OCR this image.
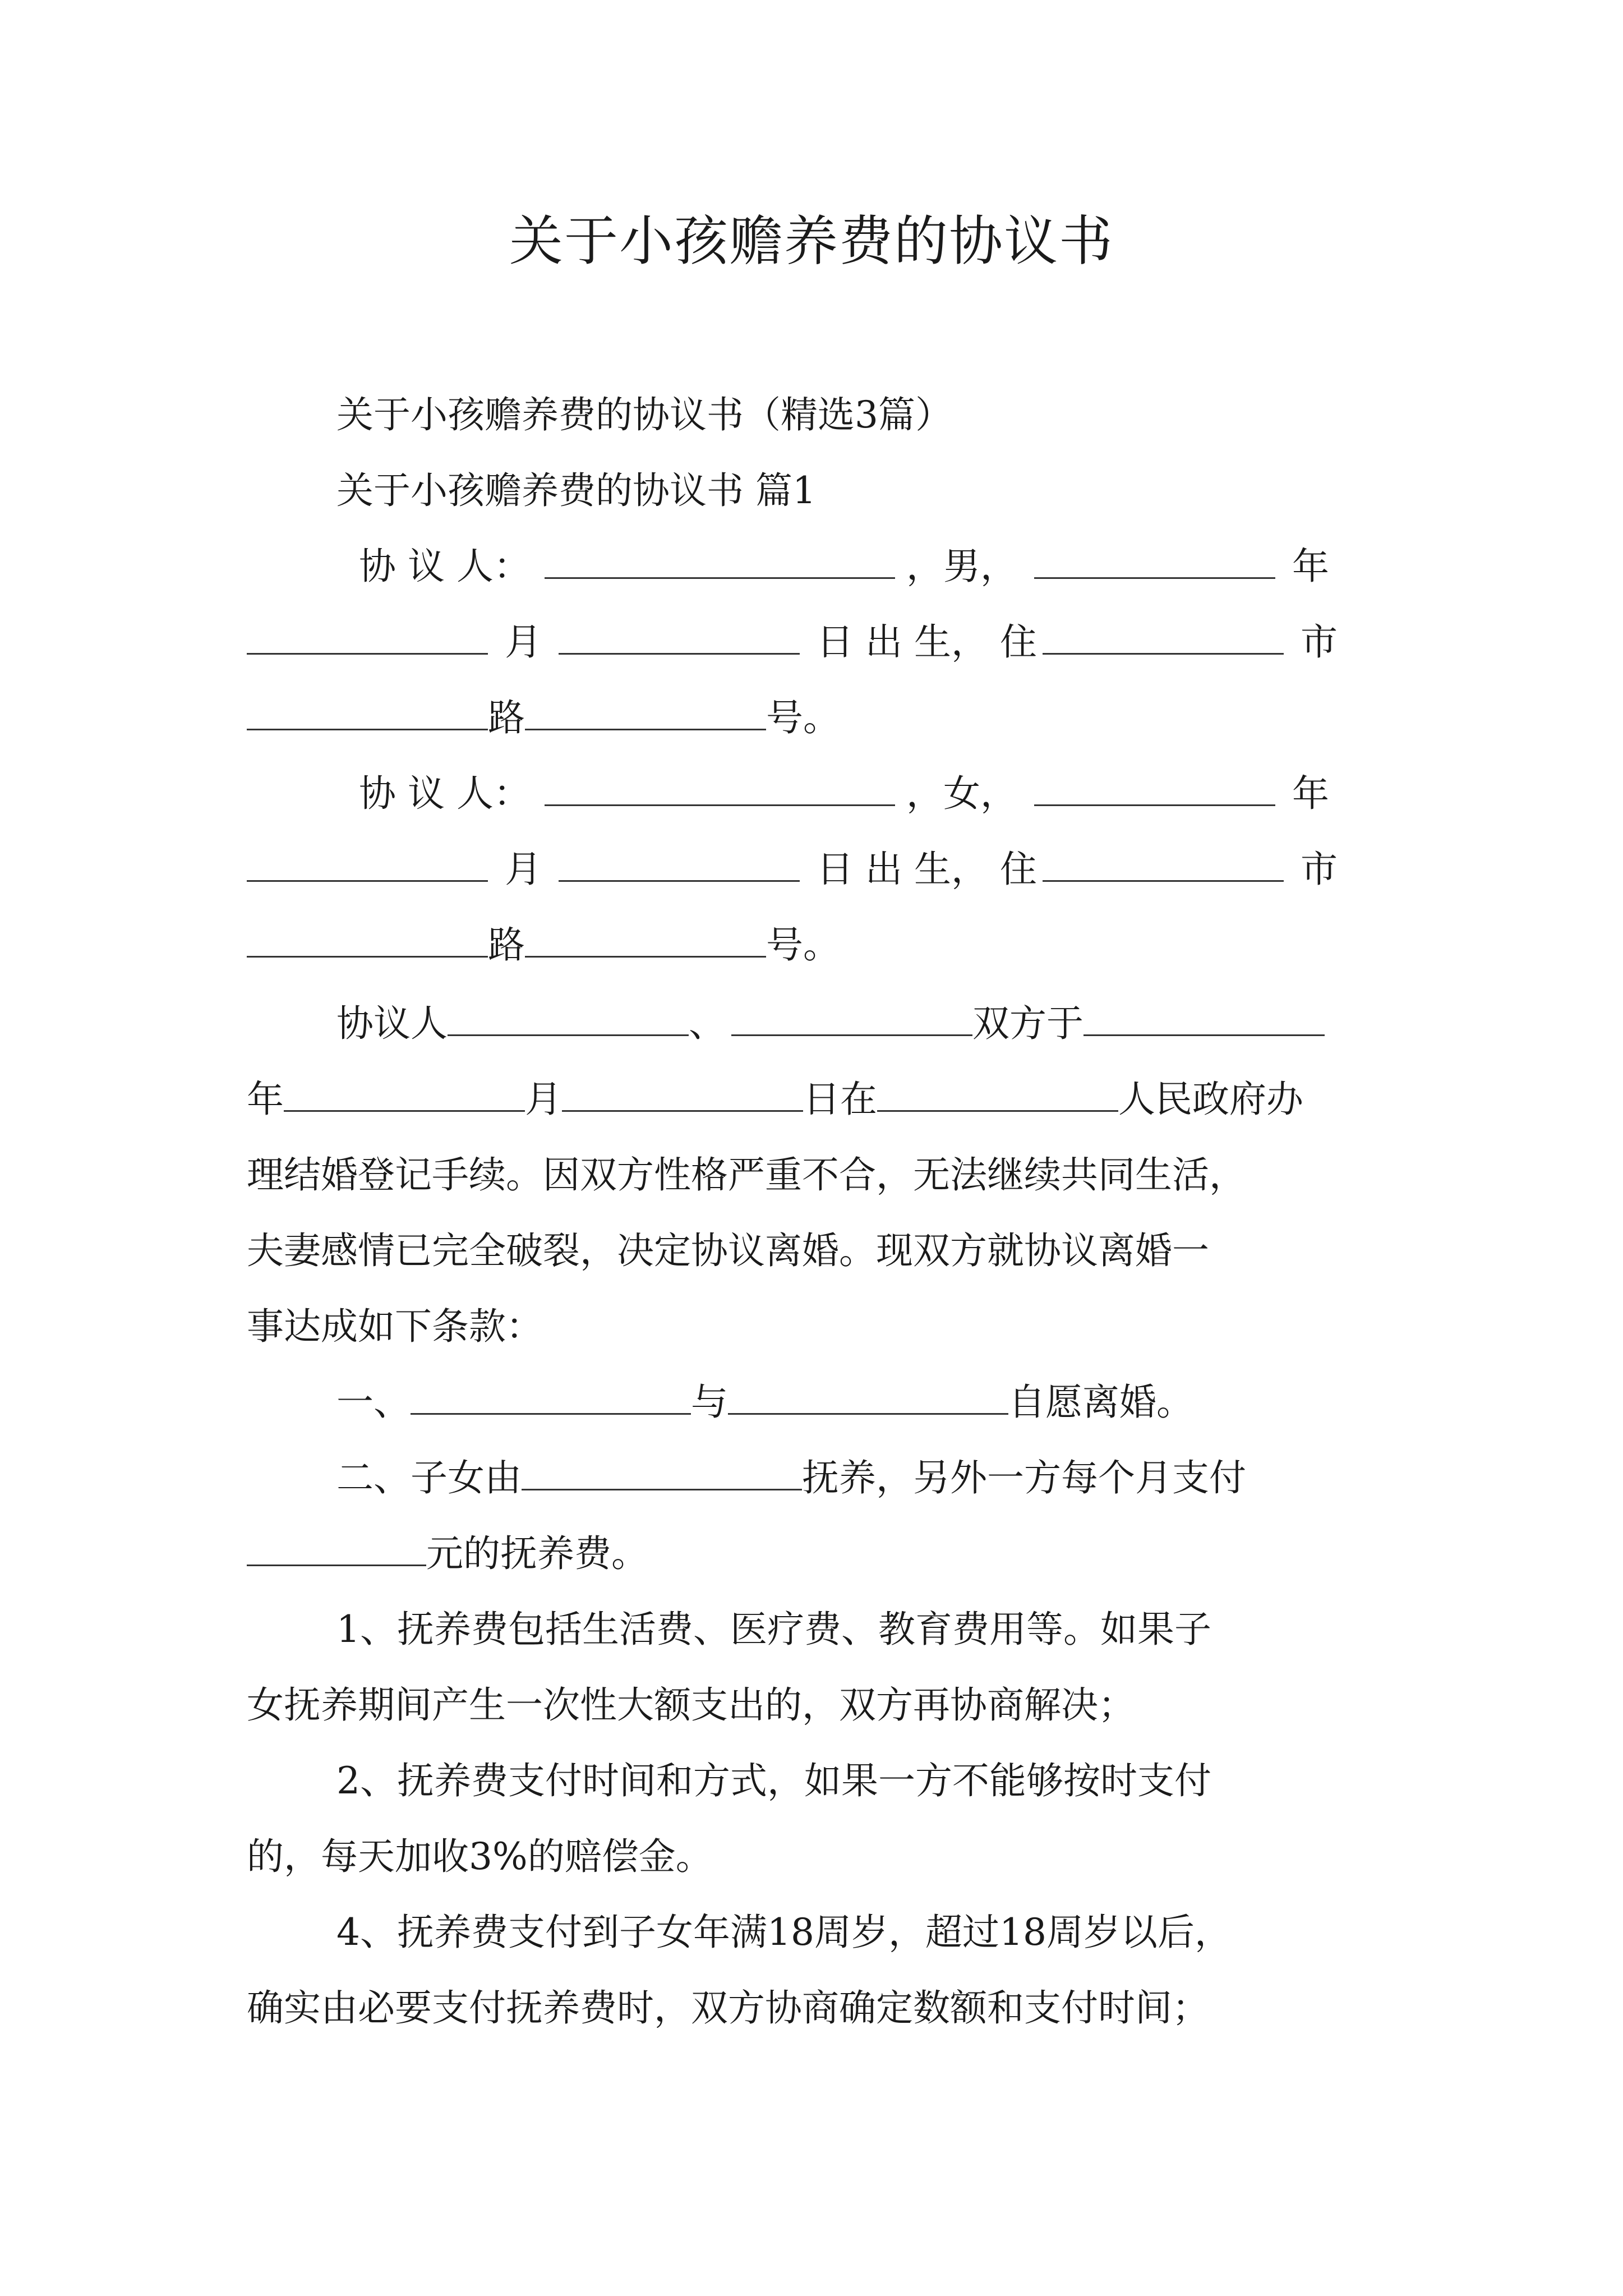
关于小孩赡养费的协议书
关于小孩赡养费的协议书（精选3篇）
关于小孩赡养费的协议书 篇1
协 议 人：	，男，	年
月	日 出 生， 住	市
路	号。
协 议 人：	，女，	年
月	日 出 生， 住	市
路	号。
协议人	、	双方于
年	月	日在	人民政府办
理结婚登记手续。因双方性格严重不合，无法继续共同生活，
夫妻感情已完全破裂，决定协议离婚。现双方就协议离婚一
事达成如下条款：
一、	与	自愿离婚。
二、子女由	抚养，另外一方每个月支付
元的抚养费。
1、抚养费包括生活费、医疗费、教育费用等。如果子
女抚养期间产生一次性大额支出的，双方再协商解决；
2、抚养费支付时间和方式，如果一方不能够按时支付
的，每天加收3%的赔偿金。
4、抚养费支付到子女年满18周岁，超过18周岁以后，
确实由必要支付抚养费时，双方协商确定数额和支付时间；
